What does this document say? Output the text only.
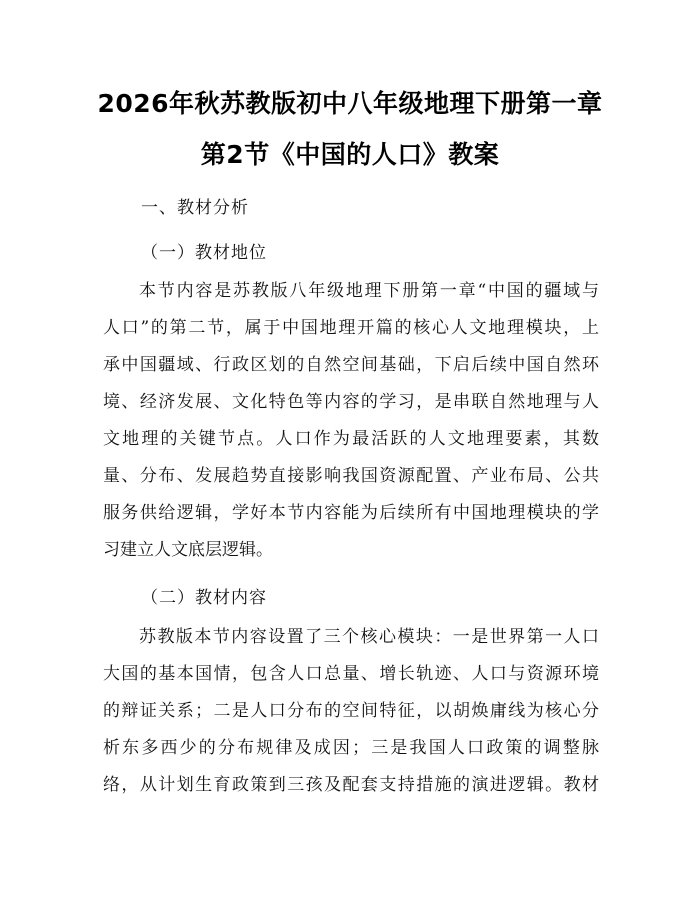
2026年秋苏教版初中八年级地理下册第一章
第2节《中国的人口》教案
一、教材分析
（一）教材地位
本节内容是苏教版八年级地理下册第一章“中国的疆域与
人口”的第二节，属于中国地理开篇的核心人文地理模块，上
承中国疆域、行政区划的自然空间基础，下启后续中国自然环
境、经济发展、文化特色等内容的学习，是串联自然地理与人
文地理的关键节点。人口作为最活跃的人文地理要素，其数
量、分布、发展趋势直接影响我国资源配置、产业布局、公共
服务供给逻辑，学好本节内容能为后续所有中国地理模块的学
习建立人文底层逻辑。
（二）教材内容
苏教版本节内容设置了三个核心模块：一是世界第一人口
大国的基本国情，包含人口总量、增长轨迹、人口与资源环境
的辩证关系；二是人口分布的空间特征，以胡焕庸线为核心分
析东多西少的分布规律及成因；三是我国人口政策的调整脉
络，从计划生育政策到三孩及配套支持措施的演进逻辑。教材
